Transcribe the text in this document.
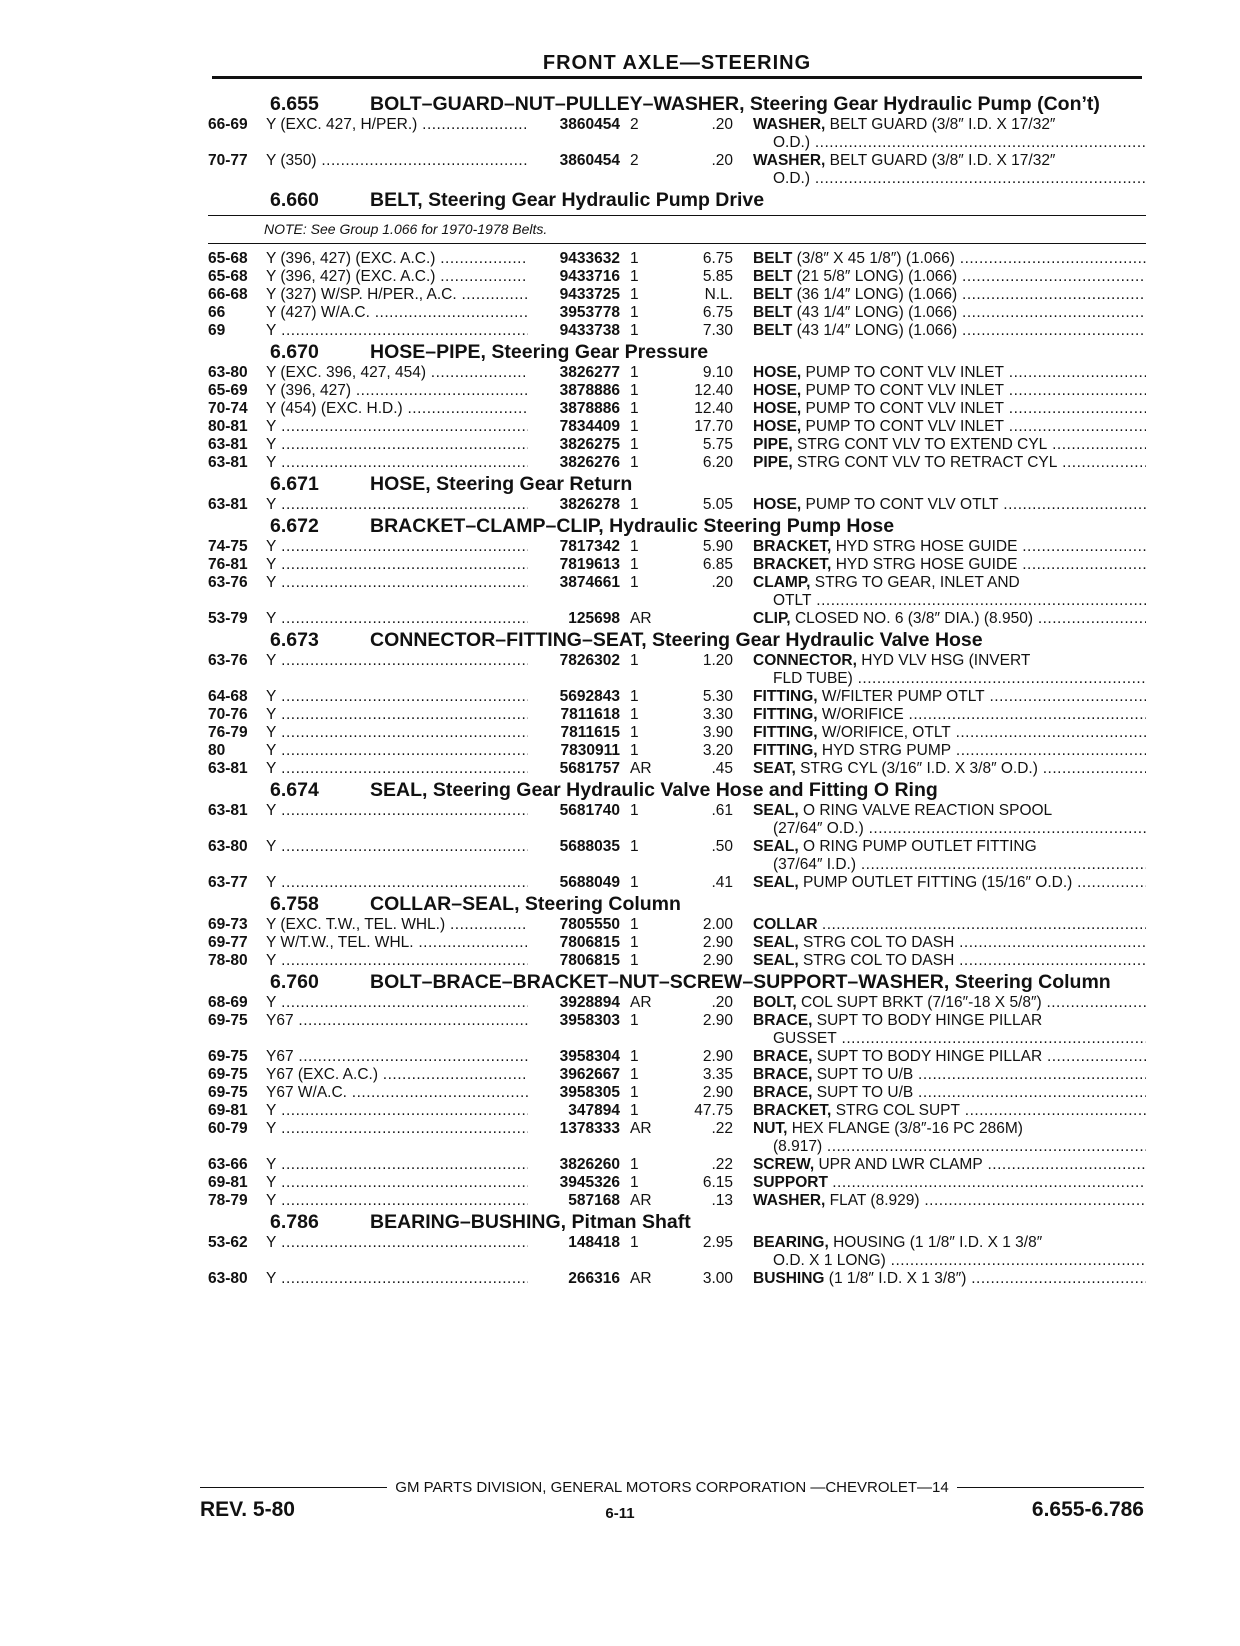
FRONT AXLE—STEERING
6.655	BOLT–GUARD–NUT–PULLEY–WASHER, Steering Gear Hydraulic Pump (Con’t)
66-69	Y (EXC. 427, H/PER.) .....	3860454 2	.20	WASHER, BELT GUARD (3/8″ I.D. X 17/32″
O.D.) .....
70-77	Y (350) .....	3860454 2	.20	WASHER, BELT GUARD (3/8″ I.D. X 17/32″
O.D.) .....
6.660	BELT, Steering Gear Hydraulic Pump Drive
NOTE: See Group 1.066 for 1970-1978 Belts.
65-68	Y (396, 427) (EXC. A.C.) .....	9433632 1	6.75	BELT (3/8″ X 45 1/8″) (1.066) .....
65-68	Y (396, 427) (EXC. A.C.) .....	9433716 1	5.85	BELT (21 5/8″ LONG) (1.066) .....
66-68	Y (327) W/SP. H/PER., A.C. .....	9433725 1	N.L.	BELT (36 1/4″ LONG) (1.066) .....
66	Y (427) W/A.C. .....	3953778 1	6.75	BELT (43 1/4″ LONG) (1.066) .....
69	Y .....	9433738 1	7.30	BELT (43 1/4″ LONG) (1.066) .....
6.670	HOSE–PIPE, Steering Gear Pressure
63-80	Y (EXC. 396, 427, 454) .....	3826277 1	9.10	HOSE, PUMP TO CONT VLV INLET .....
65-69	Y (396, 427) .....	3878886 1	12.40	HOSE, PUMP TO CONT VLV INLET .....
70-74	Y (454) (EXC. H.D.) .....	3878886 1	12.40	HOSE, PUMP TO CONT VLV INLET .....
80-81	Y .....	7834409 1	17.70	HOSE, PUMP TO CONT VLV INLET .....
63-81	Y .....	3826275 1	5.75	PIPE, STRG CONT VLV TO EXTEND CYL .....
63-81	Y .....	3826276 1	6.20	PIPE, STRG CONT VLV TO RETRACT CYL .....
6.671	HOSE, Steering Gear Return
63-81	Y .....	3826278 1	5.05	HOSE, PUMP TO CONT VLV OTLT .....
6.672	BRACKET–CLAMP–CLIP, Hydraulic Steering Pump Hose
74-75	Y .....	7817342 1	5.90	BRACKET, HYD STRG HOSE GUIDE .....
76-81	Y .....	7819613 1	6.85	BRACKET, HYD STRG HOSE GUIDE .....
63-76	Y .....	3874661 1	.20	CLAMP, STRG TO GEAR, INLET AND
OTLT .....
53-79	Y .....	125698 AR	CLIP, CLOSED NO. 6 (3/8″ DIA.) (8.950) .....
6.673	CONNECTOR–FITTING–SEAT, Steering Gear Hydraulic Valve Hose
63-76	Y .....	7826302 1	1.20	CONNECTOR, HYD VLV HSG (INVERT
FLD TUBE) .....
64-68	Y .....	5692843 1	5.30	FITTING, W/FILTER PUMP OTLT .....
70-76	Y .....	7811618 1	3.30	FITTING, W/ORIFICE .....
76-79	Y .....	7811615 1	3.90	FITTING, W/ORIFICE, OTLT .....
80	Y .....	7830911 1	3.20	FITTING, HYD STRG PUMP .....
63-81	Y .....	5681757 AR	.45	SEAT, STRG CYL (3/16″ I.D. X 3/8″ O.D.) .....
6.674	SEAL, Steering Gear Hydraulic Valve Hose and Fitting O Ring
63-81	Y .....	5681740 1	.61	SEAL, O RING VALVE REACTION SPOOL
(27/64″ O.D.) .....
63-80	Y .....	5688035 1	.50	SEAL, O RING PUMP OUTLET FITTING
(37/64″ I.D.) .....
63-77	Y .....	5688049 1	.41	SEAL, PUMP OUTLET FITTING (15/16″ O.D.) .....
6.758	COLLAR–SEAL, Steering Column
69-73	Y (EXC. T.W., TEL. WHL.) .....	7805550 1	2.00	COLLAR .....
69-77	Y W/T.W., TEL. WHL. .....	7806815 1	2.90	SEAL, STRG COL TO DASH .....
78-80	Y .....	7806815 1	2.90	SEAL, STRG COL TO DASH .....
6.760	BOLT–BRACE–BRACKET–NUT–SCREW–SUPPORT–WASHER, Steering Column
68-69	Y .....	3928894 AR	.20	BOLT, COL SUPT BRKT (7/16″-18 X 5/8″) .....
69-75	Y67 .....	3958303 1	2.90	BRACE, SUPT TO BODY HINGE PILLAR
GUSSET .....
69-75	Y67 .....	3958304 1	2.90	BRACE, SUPT TO BODY HINGE PILLAR .....
69-75	Y67 (EXC. A.C.) .....	3962667 1	3.35	BRACE, SUPT TO U/B .....
69-75	Y67 W/A.C. .....	3958305 1	2.90	BRACE, SUPT TO U/B .....
69-81	Y .....	347894 1	47.75	BRACKET, STRG COL SUPT .....
60-79	Y .....	1378333 AR	.22	NUT, HEX FLANGE (3/8″-16 PC 286M)
(8.917) .....
63-66	Y .....	3826260 1	.22	SCREW, UPR AND LWR CLAMP .....
69-81	Y .....	3945326 1	6.15	SUPPORT .....
78-79	Y .....	587168 AR	.13	WASHER, FLAT (8.929) .....
6.786	BEARING–BUSHING, Pitman Shaft
53-62	Y .....	148418 1	2.95	BEARING, HOUSING (1 1/8″ I.D. X 1 3/8″
O.D. X 1 LONG) .....
63-80	Y .....	266316 AR	3.00	BUSHING (1 1/8″ I.D. X 1 3/8″) .....
GM PARTS DIVISION, GENERAL MOTORS CORPORATION —CHEVROLET—14
REV. 5-80	6-11	6.655-6.786
